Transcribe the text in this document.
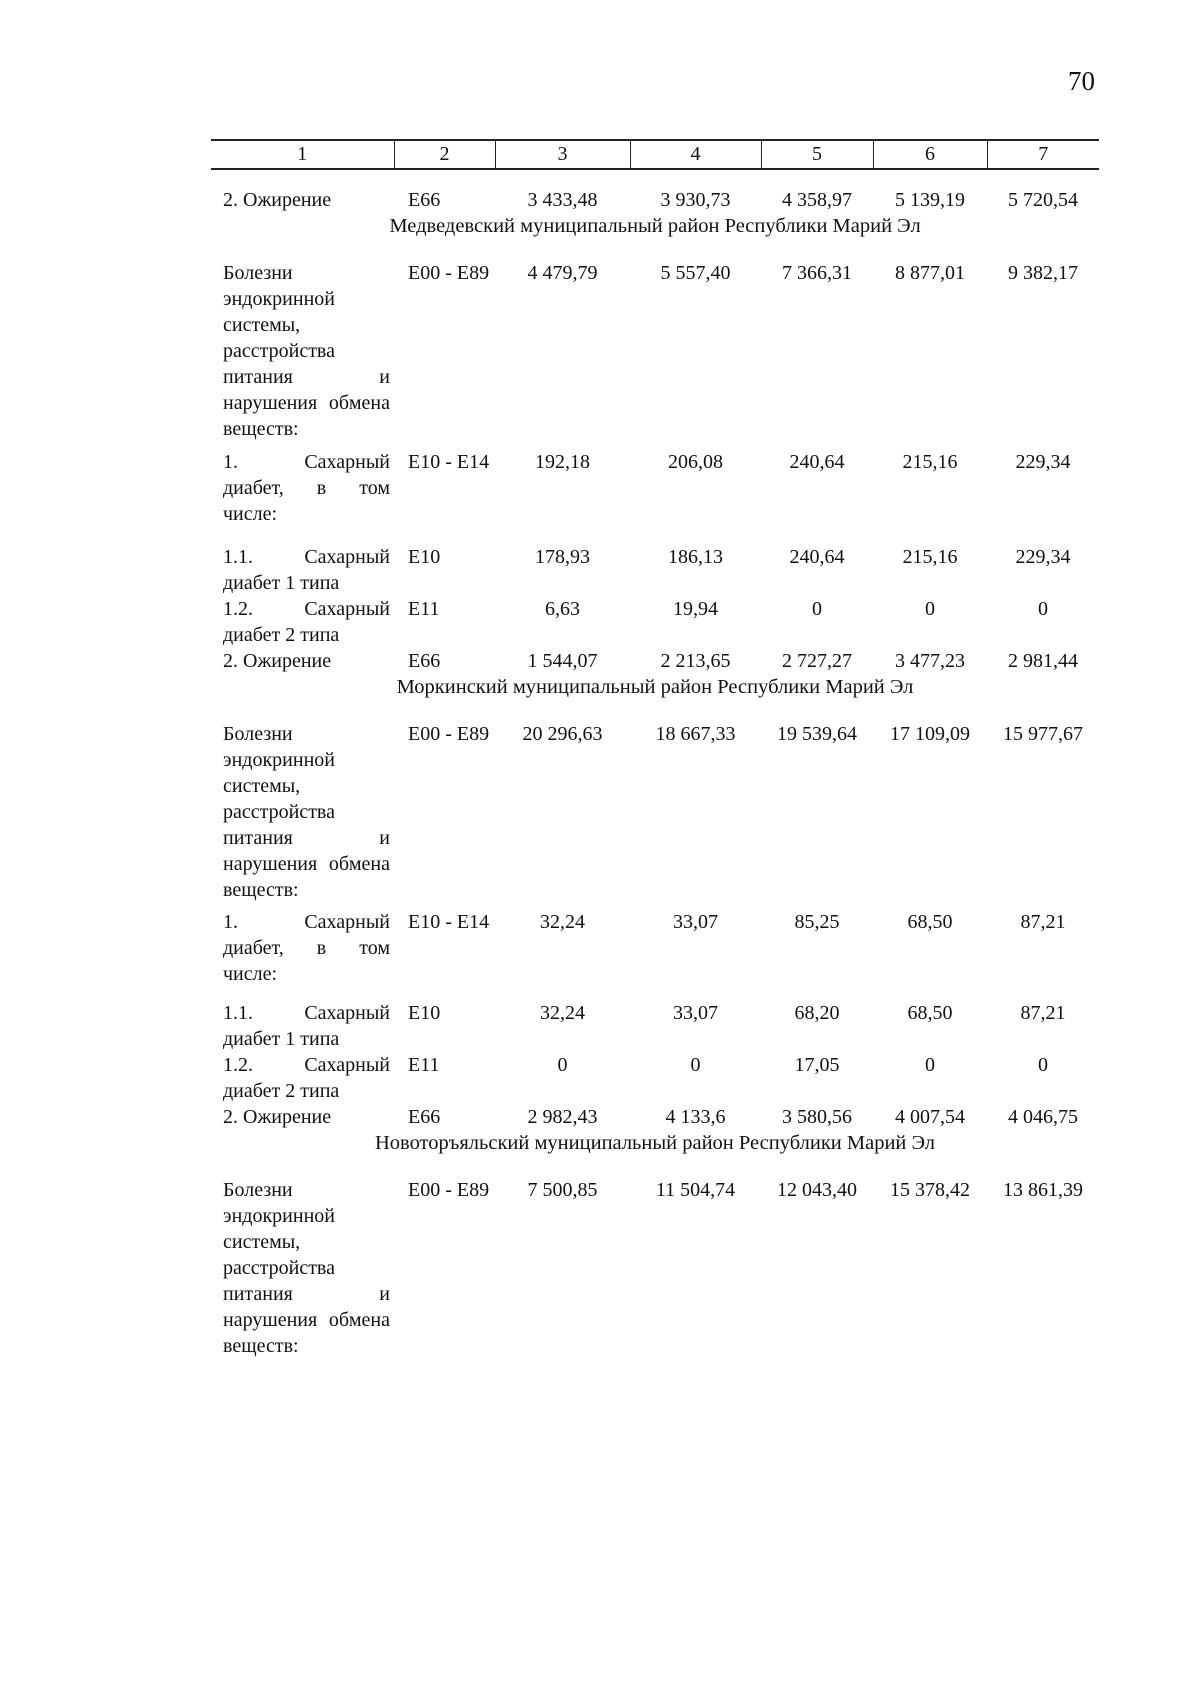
70
1	2	3	4	5	6	7
2. Ожирение	E66	3 433,48	3 930,73	4 358,97	5 139,19	5 720,54
Медведевский муниципальный район Республики Марий Эл						
Болезни эндокринной системы, расстройства питания и нарушения обмена веществ:	E00 - E89	4 479,79	5 557,40	7 366,31	8 877,01	9 382,17
1. Сахарный диабет, в том числе:	E10 - E14	192,18	206,08	240,64	215,16	229,34
1.1. Сахарный диабет 1 типа	E10	178,93	186,13	240,64	215,16	229,34
1.2. Сахарный диабет 2 типа	E11	6,63	19,94	0	0	0
2. Ожирение	E66	1 544,07	2 213,65	2 727,27	3 477,23	2 981,44
Моркинский муниципальный район Республики Марий Эл						
Болезни эндокринной системы, расстройства питания и нарушения обмена веществ:	E00 - E89	20 296,63	18 667,33	19 539,64	17 109,09	15 977,67
1. Сахарный диабет, в том числе:	E10 - E14	32,24	33,07	85,25	68,50	87,21
1.1. Сахарный диабет 1 типа	E10	32,24	33,07	68,20	68,50	87,21
1.2. Сахарный диабет 2 типа	E11	0	0	17,05	0	0
2. Ожирение	E66	2 982,43	4 133,6	3 580,56	4 007,54	4 046,75
Новоторъяльский муниципальный район Республики Марий Эл						
Болезни эндокринной системы, расстройства питания и нарушения обмена веществ:	E00 - E89	7 500,85	11 504,74	12 043,40	15 378,42	13 861,39
